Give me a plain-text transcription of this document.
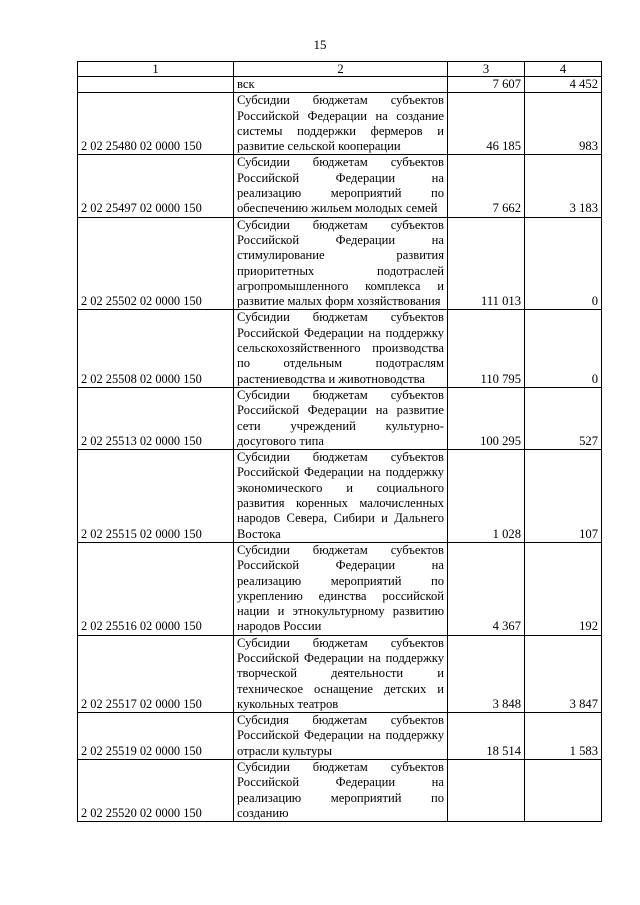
15
1	2	3	4
	вск	7 607	4 452
2 02 25480 02 0000 150	Субсидии бюджетам субъектов Российской Федерации на создание системы поддержки фермеров и развитие сельской кооперации	46 185	983
2 02 25497 02 0000 150	Субсидии бюджетам субъектов Российской Федерации на реализацию мероприятий по обеспечению жильем молодых семей	7 662	3 183
2 02 25502 02 0000 150	Субсидии бюджетам субъектов Российской Федерации на стимулирование развития приоритетных подотраслей агропромышленного комплекса и развитие малых форм хозяйствования	111 013	0
2 02 25508 02 0000 150	Субсидии бюджетам субъектов Российской Федерации на поддержку сельскохозяйственного производства по отдельным подотраслям растениеводства и животноводства	110 795	0
2 02 25513 02 0000 150	Субсидии бюджетам субъектов Российской Федерации на развитие сети учреждений культурно-досугового типа	100 295	527
2 02 25515 02 0000 150	Субсидии бюджетам субъектов Российской Федерации на поддержку экономического и социального развития коренных малочисленных народов Севера, Сибири и Дальнего Востока	1 028	107
2 02 25516 02 0000 150	Субсидии бюджетам субъектов Российской Федерации на реализацию мероприятий по укреплению единства российской нации и этнокультурному развитию народов России	4 367	192
2 02 25517 02 0000 150	Субсидии бюджетам субъектов Российской Федерации на поддержку творческой деятельности и техническое оснащение детских и кукольных театров	3 848	3 847
2 02 25519 02 0000 150	Субсидия бюджетам субъектов Российской Федерации на поддержку отрасли культуры	18 514	1 583
2 02 25520 02 0000 150	Субсидии бюджетам субъектов Российской Федерации на реализацию мероприятий по созданию		
